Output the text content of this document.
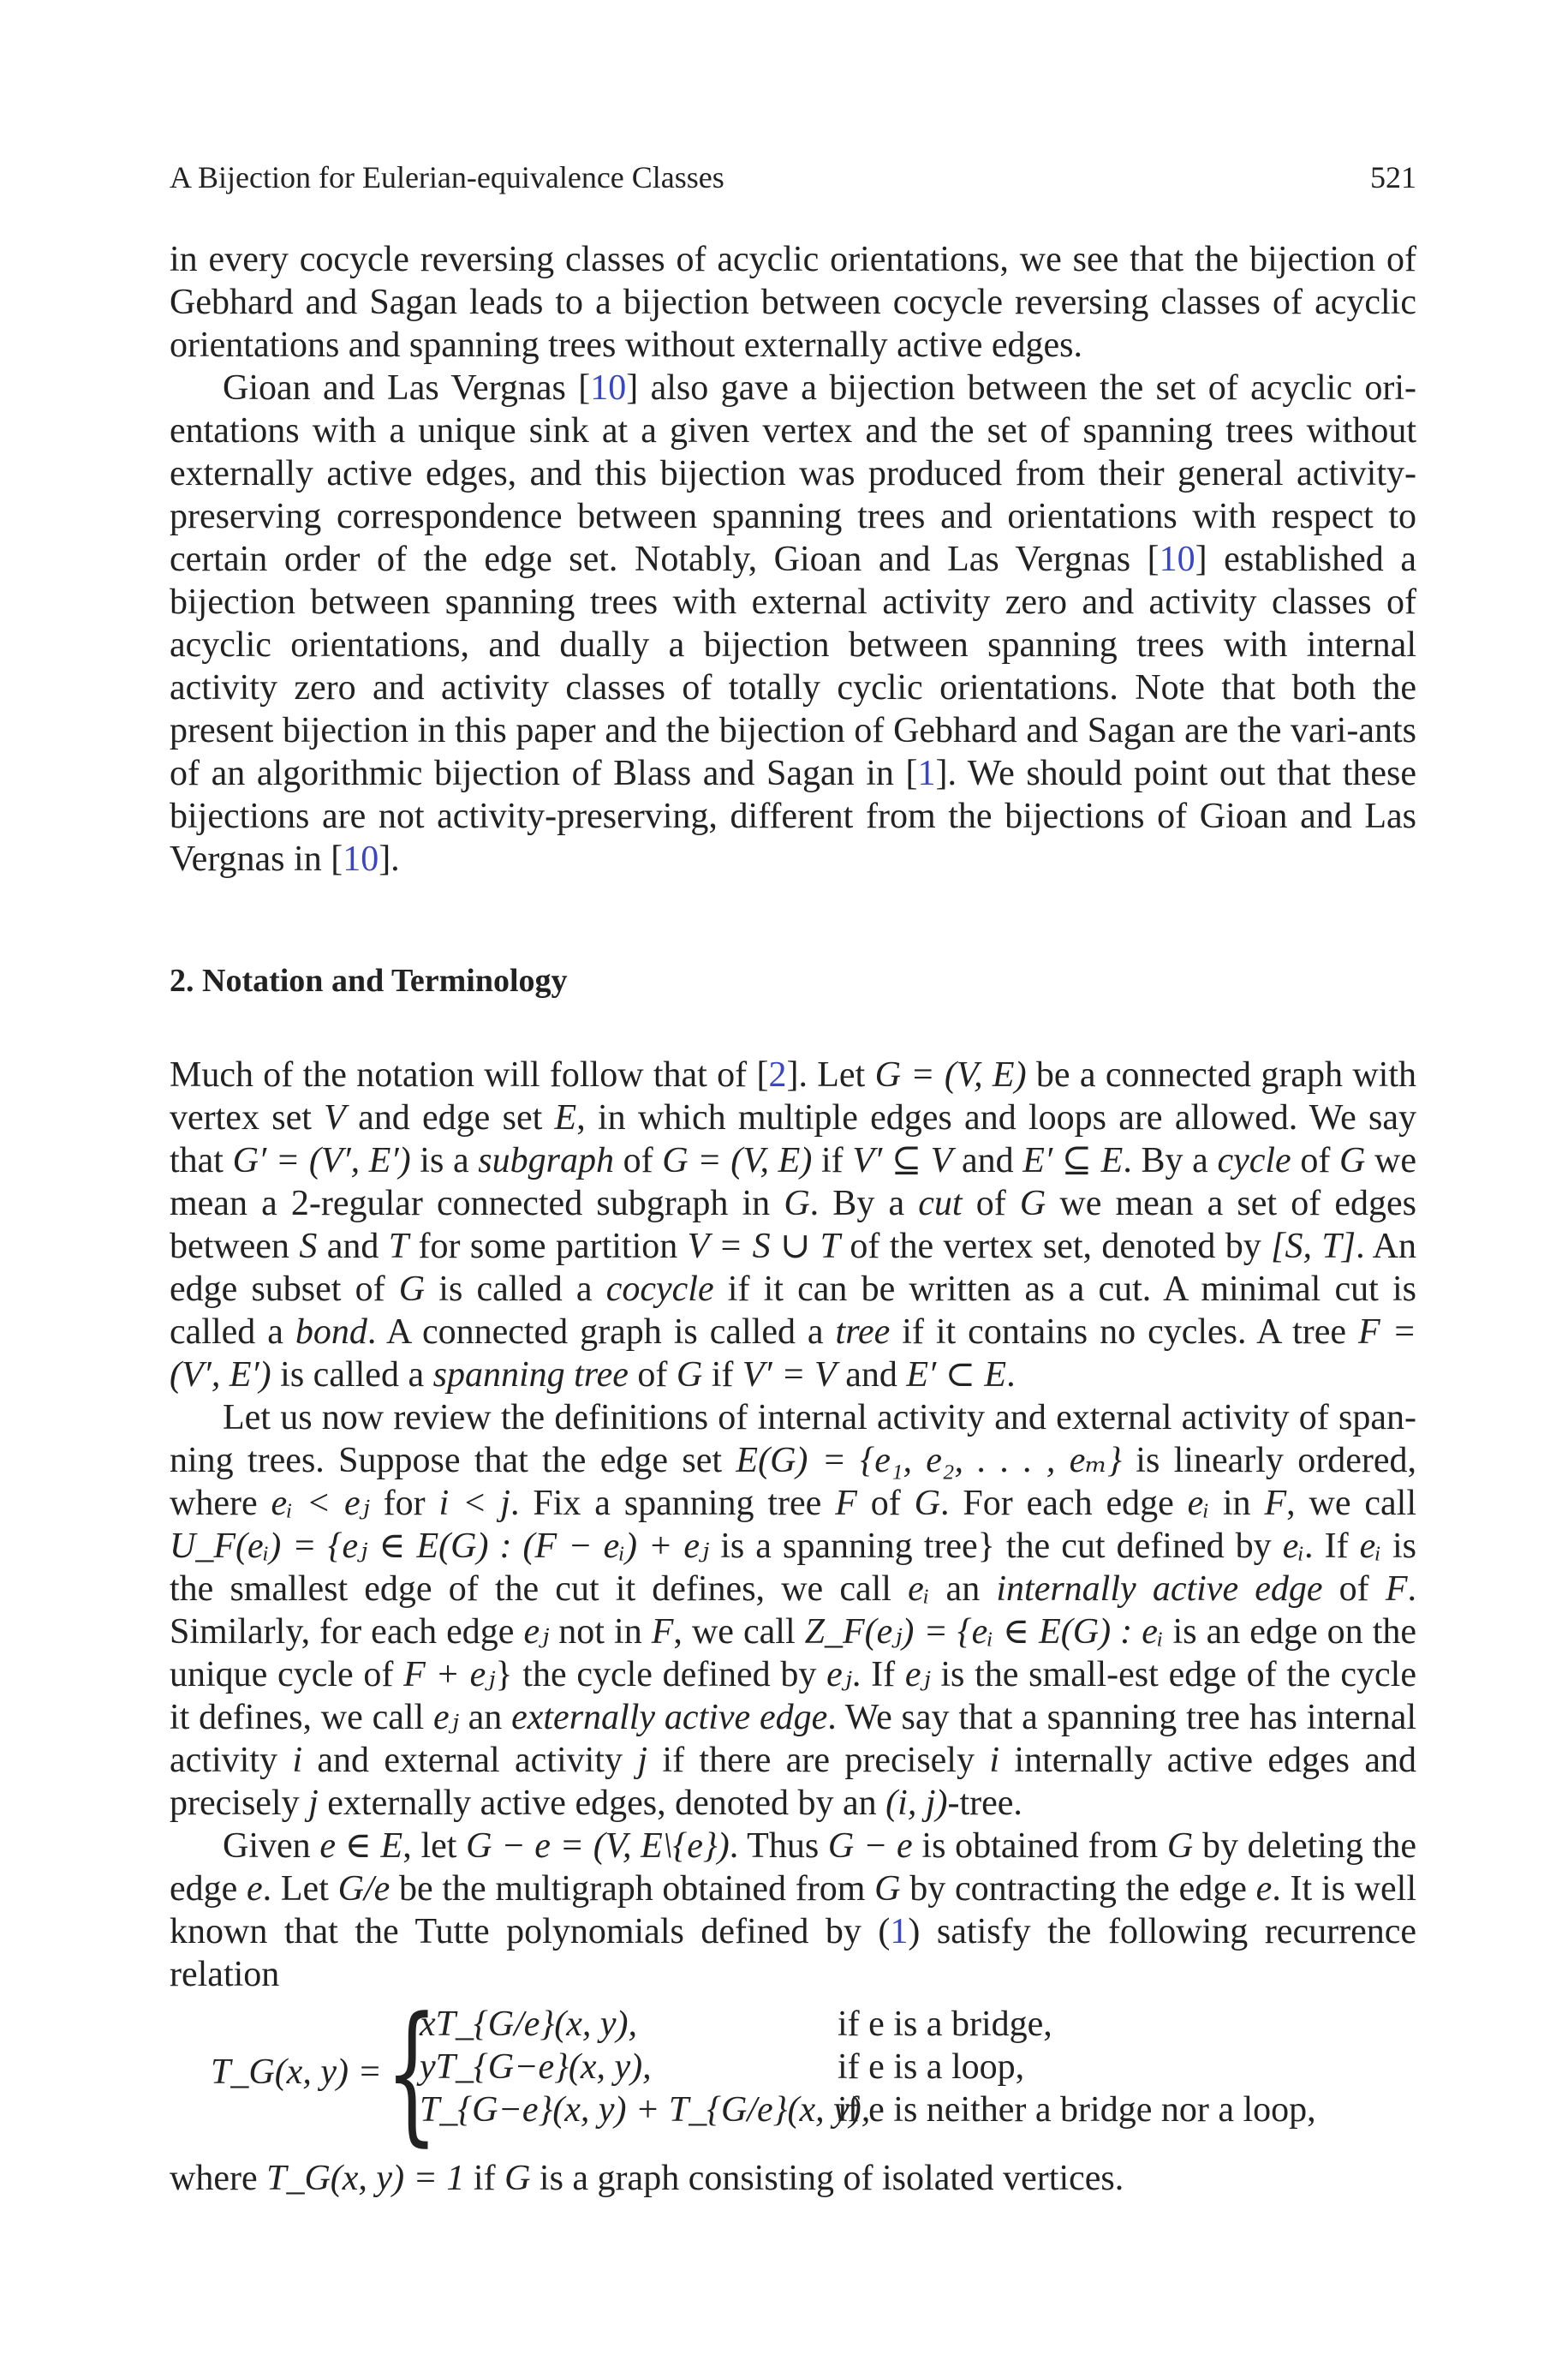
A Bijection for Eulerian-equivalence Classes	521

in every cocycle reversing classes of acyclic orientations, we see that the bijection of Gebhard and Sagan leads to a bijection between cocycle reversing classes of acyclic orientations and spanning trees without externally active edges.

Gioan and Las Vergnas [10] also gave a bijection between the set of acyclic ori-entations with a unique sink at a given vertex and the set of spanning trees without externally active edges, and this bijection was produced from their general activity-preserving correspondence between spanning trees and orientations with respect to certain order of the edge set. Notably, Gioan and Las Vergnas [10] established a bijection between spanning trees with external activity zero and activity classes of acyclic orientations, and dually a bijection between spanning trees with internal activity zero and activity classes of totally cyclic orientations. Note that both the present bijection in this paper and the bijection of Gebhard and Sagan are the vari-ants of an algorithmic bijection of Blass and Sagan in [1]. We should point out that these bijections are not activity-preserving, different from the bijections of Gioan and Las Vergnas in [10].

2. Notation and Terminology

Much of the notation will follow that of [2]. Let G = (V, E) be a connected graph with vertex set V and edge set E, in which multiple edges and loops are allowed. We say that G′ = (V′, E′) is a subgraph of G = (V, E) if V′ ⊆ V and E′ ⊆ E. By a cycle of G we mean a 2-regular connected subgraph in G. By a cut of G we mean a set of edges between S and T for some partition V = S ∪ T of the vertex set, denoted by [S, T]. An edge subset of G is called a cocycle if it can be written as a cut. A minimal cut is called a bond. A connected graph is called a tree if it contains no cycles. A tree F = (V′, E′) is called a spanning tree of G if V′ = V and E′ ⊂ E.

Let us now review the definitions of internal activity and external activity of span-ning trees. Suppose that the edge set E(G) = {e₁, e₂, . . . , eₘ} is linearly ordered, where eᵢ < eⱼ for i < j. Fix a spanning tree F of G. For each edge eᵢ in F, we call U_F(eᵢ) = {eⱼ ∈ E(G) : (F − eᵢ) + eⱼ is a spanning tree} the cut defined by eᵢ. If eᵢ is the smallest edge of the cut it defines, we call eᵢ an internally active edge of F. Similarly, for each edge eⱼ not in F, we call Z_F(eⱼ) = {eᵢ ∈ E(G) : eᵢ is an edge on the unique cycle of F + eⱼ} the cycle defined by eⱼ. If eⱼ is the small-est edge of the cycle it defines, we call eⱼ an externally active edge. We say that a spanning tree has internal activity i and external activity j if there are precisely i internally active edges and precisely j externally active edges, denoted by an (i, j)-tree.

Given e ∈ E, let G − e = (V, E\{e}). Thus G − e is obtained from G by deleting the edge e. Let G/e be the multigraph obtained from G by contracting the edge e. It is well known that the Tutte polynomials defined by (1) satisfy the following recurrence relation

T_G(x, y) = {
xT_{G/e}(x, y),
yT_{G−e}(x, y),
T_{G−e}(x, y) + T_{G/e}(x, y),
if e is a bridge,
if e is a loop,
if e is neither a bridge nor a loop,

where T_G(x, y) = 1 if G is a graph consisting of isolated vertices.
